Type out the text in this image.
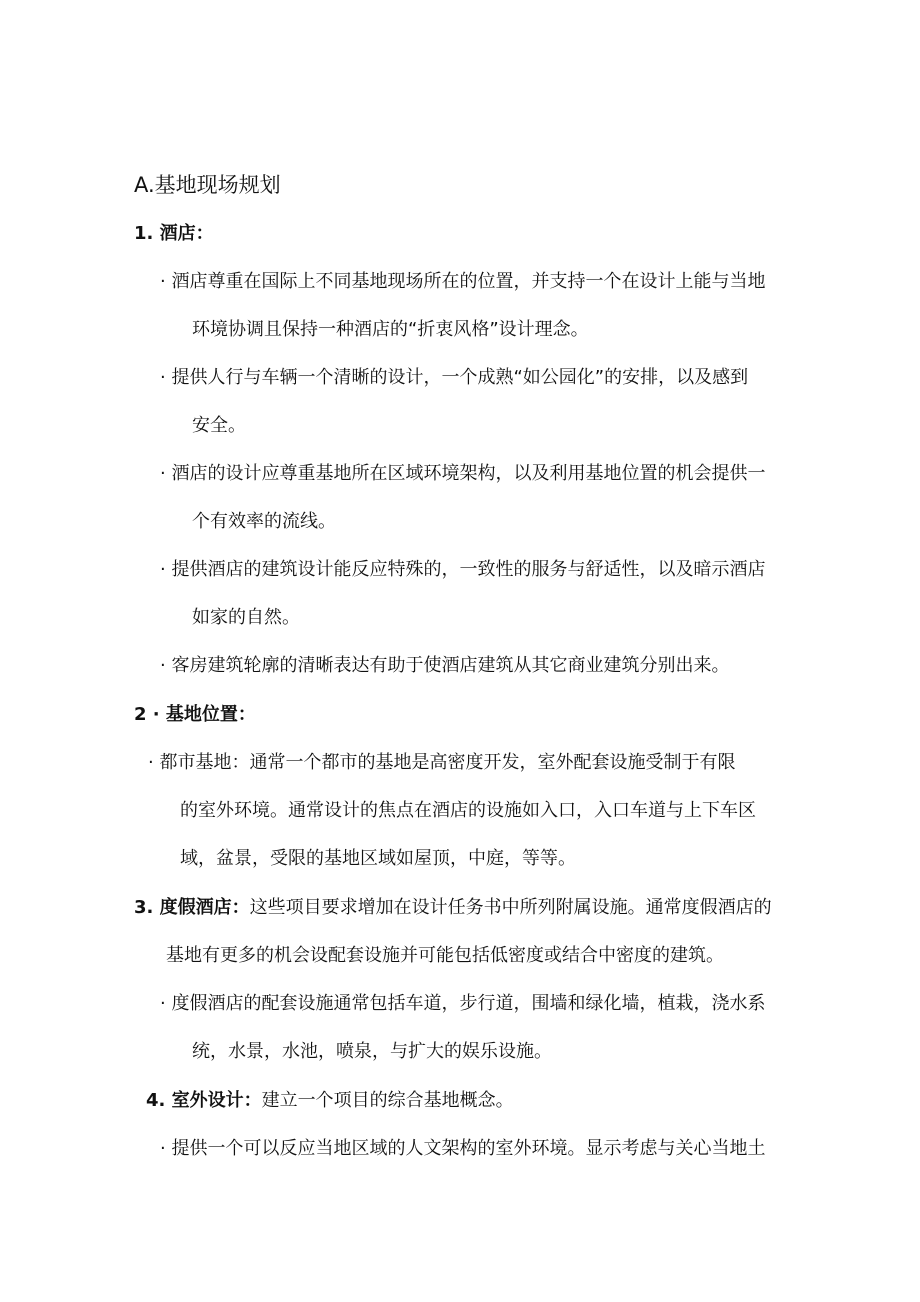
A.基地现场规划
1. 酒店：
· 酒店尊重在国际上不同基地现场所在的位置，并支持一个在设计上能与当地
环境协调且保持一种酒店的“折衷风格”设计理念。
· 提供人行与车辆一个清晰的设计，一个成熟“如公园化”的安排，以及感到
安全。
· 酒店的设计应尊重基地所在区域环境架构，以及利用基地位置的机会提供一
个有效率的流线。
· 提供酒店的建筑设计能反应特殊的，一致性的服务与舒适性，以及暗示酒店
如家的自然。
· 客房建筑轮廓的清晰表达有助于使酒店建筑从其它商业建筑分别出来。
2 · 基地位置：
· 都市基地：通常一个都市的基地是高密度开发，室外配套设施受制于有限
的室外环境。通常设计的焦点在酒店的设施如入口，入口车道与上下车区
域，盆景，受限的基地区域如屋顶，中庭，等等。
3. 度假酒店：这些项目要求增加在设计任务书中所列附属设施。通常度假酒店的
基地有更多的机会设配套设施并可能包括低密度或结合中密度的建筑。
· 度假酒店的配套设施通常包括车道，步行道，围墙和绿化墙，植栽，浇水系
统，水景，水池，喷泉，与扩大的娱乐设施。
4. 室外设计：建立一个项目的综合基地概念。
· 提供一个可以反应当地区域的人文架构的室外环境。显示考虑与关心当地土
